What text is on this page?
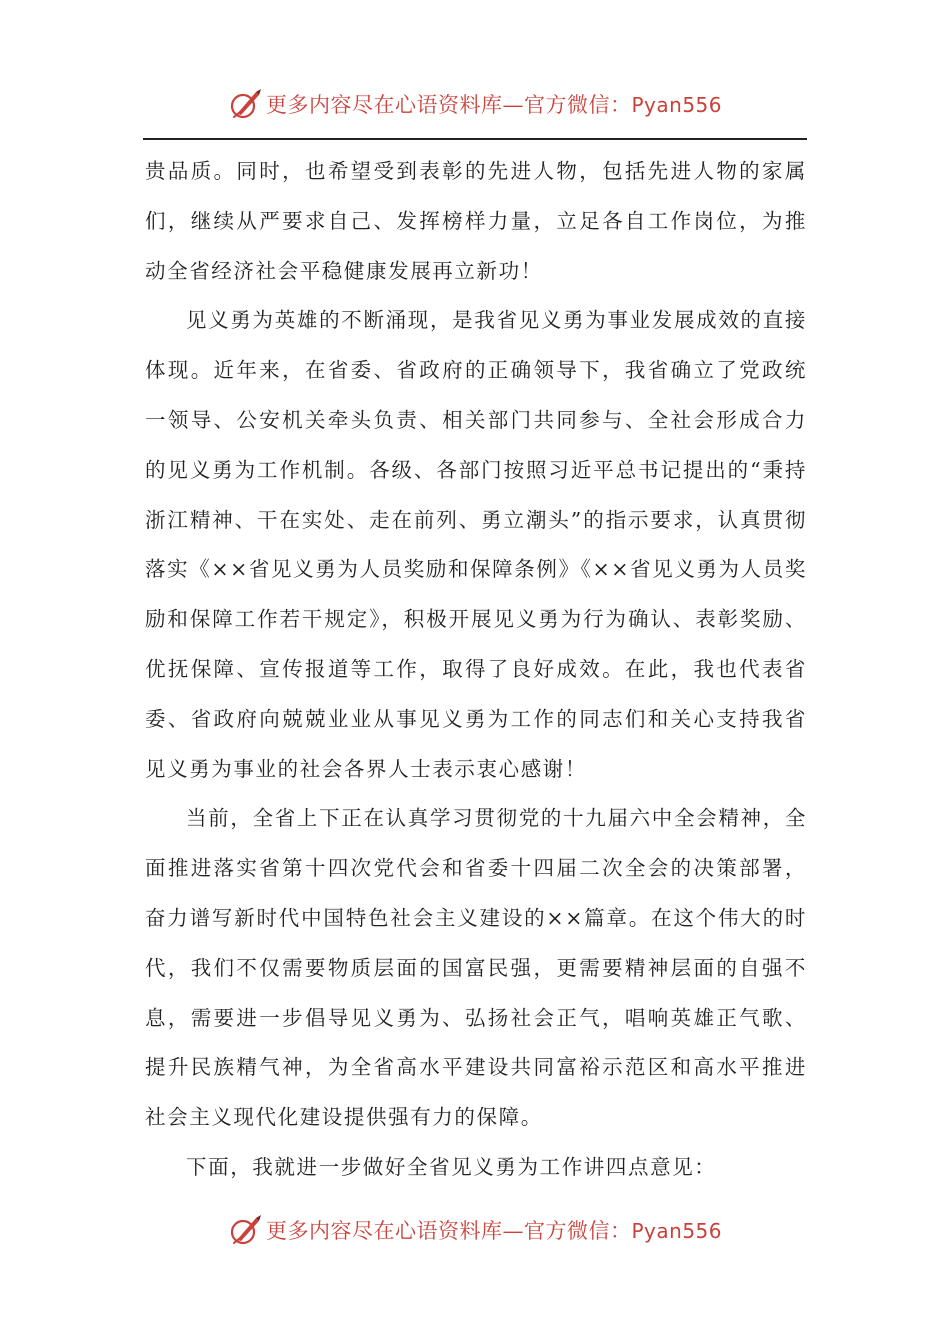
更多内容尽在心语资料库—官方微信：Pyan556

贵品质。同时，也希望受到表彰的先进人物，包括先进人物的家属们，继续从严要求自己、发挥榜样力量，立足各自工作岗位，为推动全省经济社会平稳健康发展再立新功！

见义勇为英雄的不断涌现，是我省见义勇为事业发展成效的直接体现。近年来，在省委、省政府的正确领导下，我省确立了党政统一领导、公安机关牵头负责、相关部门共同参与、全社会形成合力的见义勇为工作机制。各级、各部门按照习近平总书记提出的“秉持浙江精神、干在实处、走在前列、勇立潮头”的指示要求，认真贯彻落实《××省见义勇为人员奖励和保障条例》《××省见义勇为人员奖励和保障工作若干规定》，积极开展见义勇为行为确认、表彰奖励、优抚保障、宣传报道等工作，取得了良好成效。在此，我也代表省委、省政府向兢兢业业从事见义勇为工作的同志们和关心支持我省见义勇为事业的社会各界人士表示衷心感谢！

当前，全省上下正在认真学习贯彻党的十九届六中全会精神，全面推进落实省第十四次党代会和省委十四届二次全会的决策部署，奋力谱写新时代中国特色社会主义建设的××篇章。在这个伟大的时代，我们不仅需要物质层面的国富民强，更需要精神层面的自强不息，需要进一步倡导见义勇为、弘扬社会正气，唱响英雄正气歌、提升民族精气神，为全省高水平建设共同富裕示范区和高水平推进社会主义现代化建设提供强有力的保障。

下面，我就进一步做好全省见义勇为工作讲四点意见：

更多内容尽在心语资料库—官方微信：Pyan556
